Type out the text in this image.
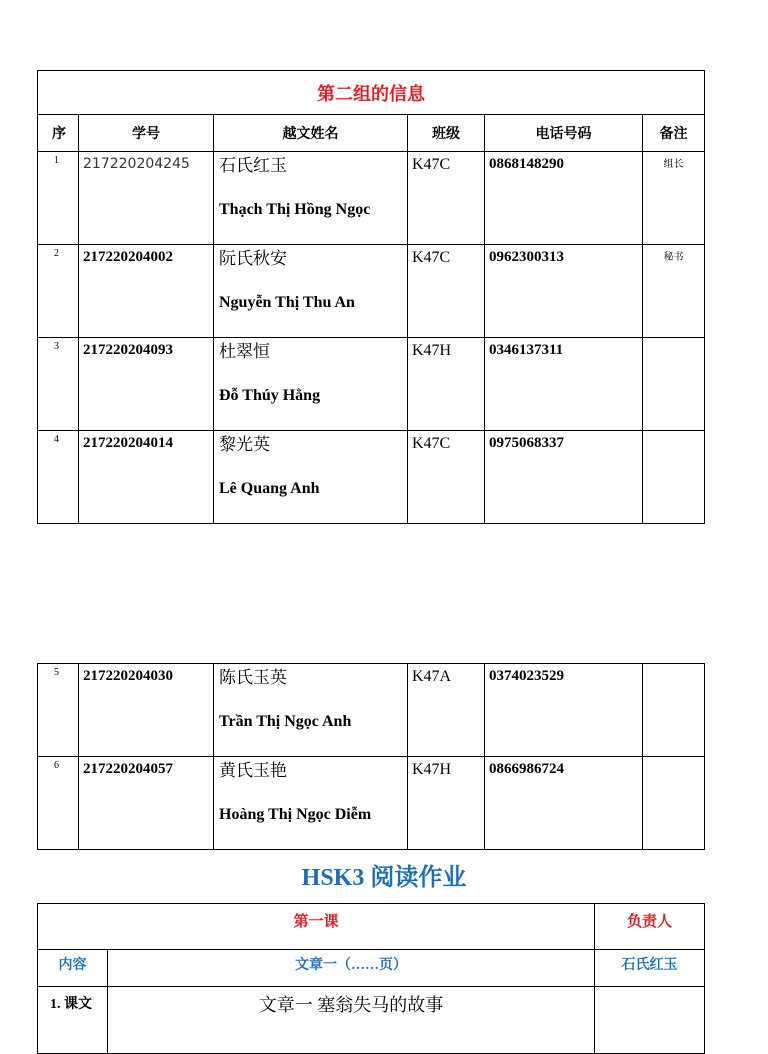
第二组的信息					
序	学号	越文姓名	班级	电话号码	备注
1	217220204245	石氏红玉
Thạch Thị Hồng Ngọc	K47C	0868148290	组长
2	217220204002	阮氏秋安
Nguyễn Thị Thu An	K47C	0962300313	秘书
3	217220204093	杜翠恒
Đỗ Thúy Hằng	K47H	0346137311	
4	217220204014	黎光英
Lê Quang Anh	K47C	0975068337	
5	217220204030	陈氏玉英
Trần Thị Ngọc Anh	K47A	0374023529	
6	217220204057	黄氏玉艳
Hoàng Thị Ngọc Diễm	K47H	0866986724	
HSK3 阅读作业
第一课		负责人
内容	文章一（……页）	石氏红玉
1. 课文	文章一 塞翁失马的故事	
